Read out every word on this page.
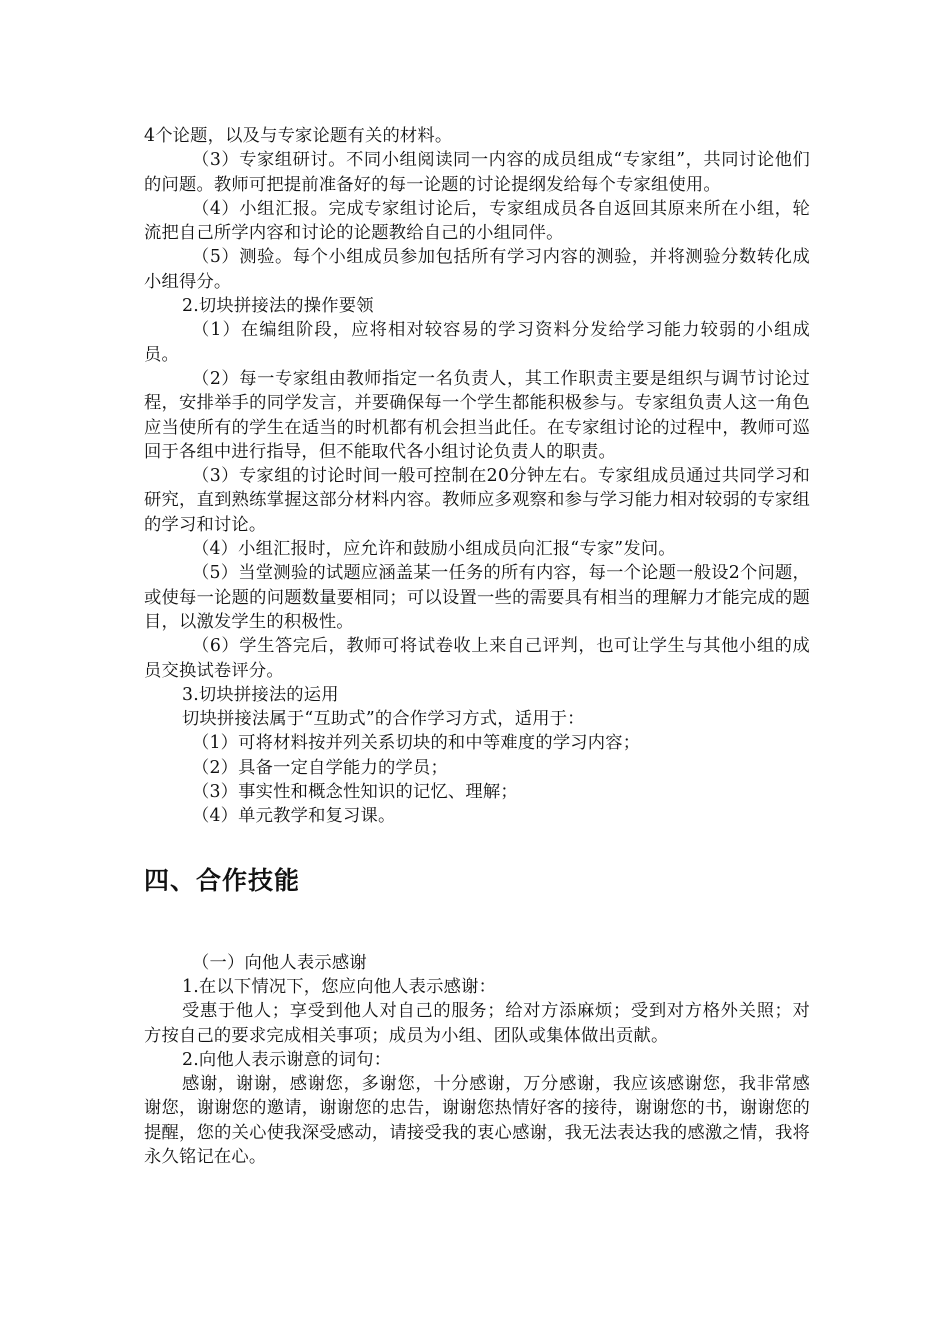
4个论题，以及与专家论题有关的材料。

（3）专家组研讨。不同小组阅读同一内容的成员组成“专家组”，共同讨论他们的问题。教师可把提前准备好的每一论题的讨论提纲发给每个专家组使用。

（4）小组汇报。完成专家组讨论后，专家组成员各自返回其原来所在小组，轮流把自己所学内容和讨论的论题教给自己的小组同伴。

（5）测验。每个小组成员参加包括所有学习内容的测验，并将测验分数转化成小组得分。

2.切块拼接法的操作要领

（1）在编组阶段，应将相对较容易的学习资料分发给学习能力较弱的小组成员。

（2）每一专家组由教师指定一名负责人，其工作职责主要是组织与调节讨论过程，安排举手的同学发言，并要确保每一个学生都能积极参与。专家组负责人这一角色应当使所有的学生在适当的时机都有机会担当此任。在专家组讨论的过程中，教师可巡回于各组中进行指导，但不能取代各小组讨论负责人的职责。

（3）专家组的讨论时间一般可控制在20分钟左右。专家组成员通过共同学习和研究，直到熟练掌握这部分材料内容。教师应多观察和参与学习能力相对较弱的专家组的学习和讨论。

（4）小组汇报时，应允许和鼓励小组成员向汇报“专家”发问。

（5）当堂测验的试题应涵盖某一任务的所有内容，每一个论题一般设2个问题，或使每一论题的问题数量要相同；可以设置一些的需要具有相当的理解力才能完成的题目，以激发学生的积极性。

（6）学生答完后，教师可将试卷收上来自己评判，也可让学生与其他小组的成员交换试卷评分。

3.切块拼接法的运用

切块拼接法属于“互助式”的合作学习方式，适用于：

（1）可将材料按并列关系切块的和中等难度的学习内容；

（2）具备一定自学能力的学员；

（3）事实性和概念性知识的记忆、理解；

（4）单元教学和复习课。

四、合作技能

（一）向他人表示感谢

1.在以下情况下，您应向他人表示感谢：

受惠于他人；享受到他人对自己的服务；给对方添麻烦；受到对方格外关照；对方按自己的要求完成相关事项；成员为小组、团队或集体做出贡献。

2.向他人表示谢意的词句：

感谢，谢谢，感谢您，多谢您，十分感谢，万分感谢，我应该感谢您，我非常感谢您，谢谢您的邀请，谢谢您的忠告，谢谢您热情好客的接待，谢谢您的书，谢谢您的提醒，您的关心使我深受感动，请接受我的衷心感谢，我无法表达我的感激之情，我将永久铭记在心。
